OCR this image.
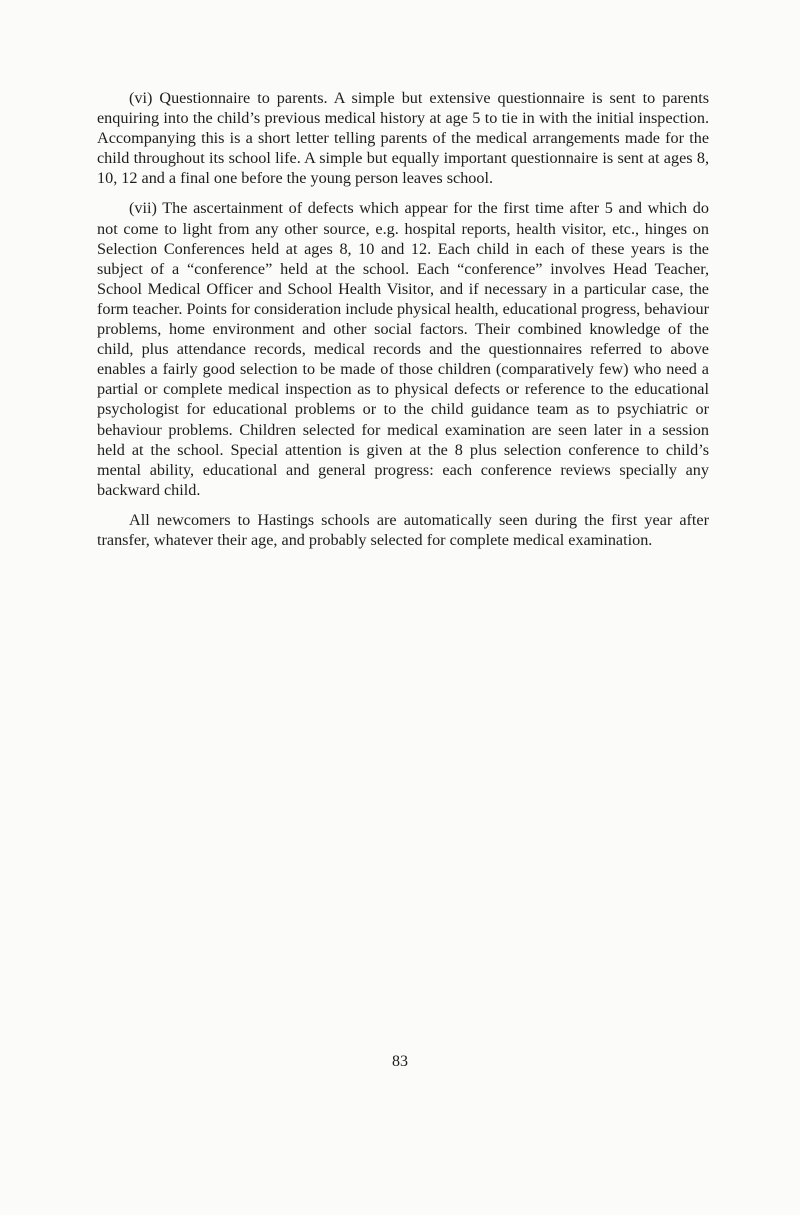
(vi) Questionnaire to parents. A simple but extensive questionnaire is sent to parents enquiring into the child’s previous medical history at age 5 to tie in with the initial inspection. Accompanying this is a short letter telling parents of the medical arrangements made for the child throughout its school life. A simple but equally important questionnaire is sent at ages 8, 10, 12 and a final one before the young person leaves school.

(vii) The ascertainment of defects which appear for the first time after 5 and which do not come to light from any other source, e.g. hospital reports, health visitor, etc., hinges on Selection Conferences held at ages 8, 10 and 12. Each child in each of these years is the subject of a “conference” held at the school. Each “conference” involves Head Teacher, School Medical Officer and School Health Visitor, and if necessary in a particular case, the form teacher. Points for consideration include physical health, educational progress, behaviour problems, home environment and other social factors. Their combined knowledge of the child, plus attendance records, medical records and the questionnaires referred to above enables a fairly good selection to be made of those children (comparatively few) who need a partial or complete medical inspection as to physical defects or reference to the educational psychologist for educational problems or to the child guidance team as to psychiatric or behaviour problems. Children selected for medical examination are seen later in a session held at the school. Special attention is given at the 8 plus selection conference to child’s mental ability, educational and general progress: each conference reviews specially any backward child.

All newcomers to Hastings schools are automatically seen during the first year after transfer, whatever their age, and probably selected for complete medical examination.

83
